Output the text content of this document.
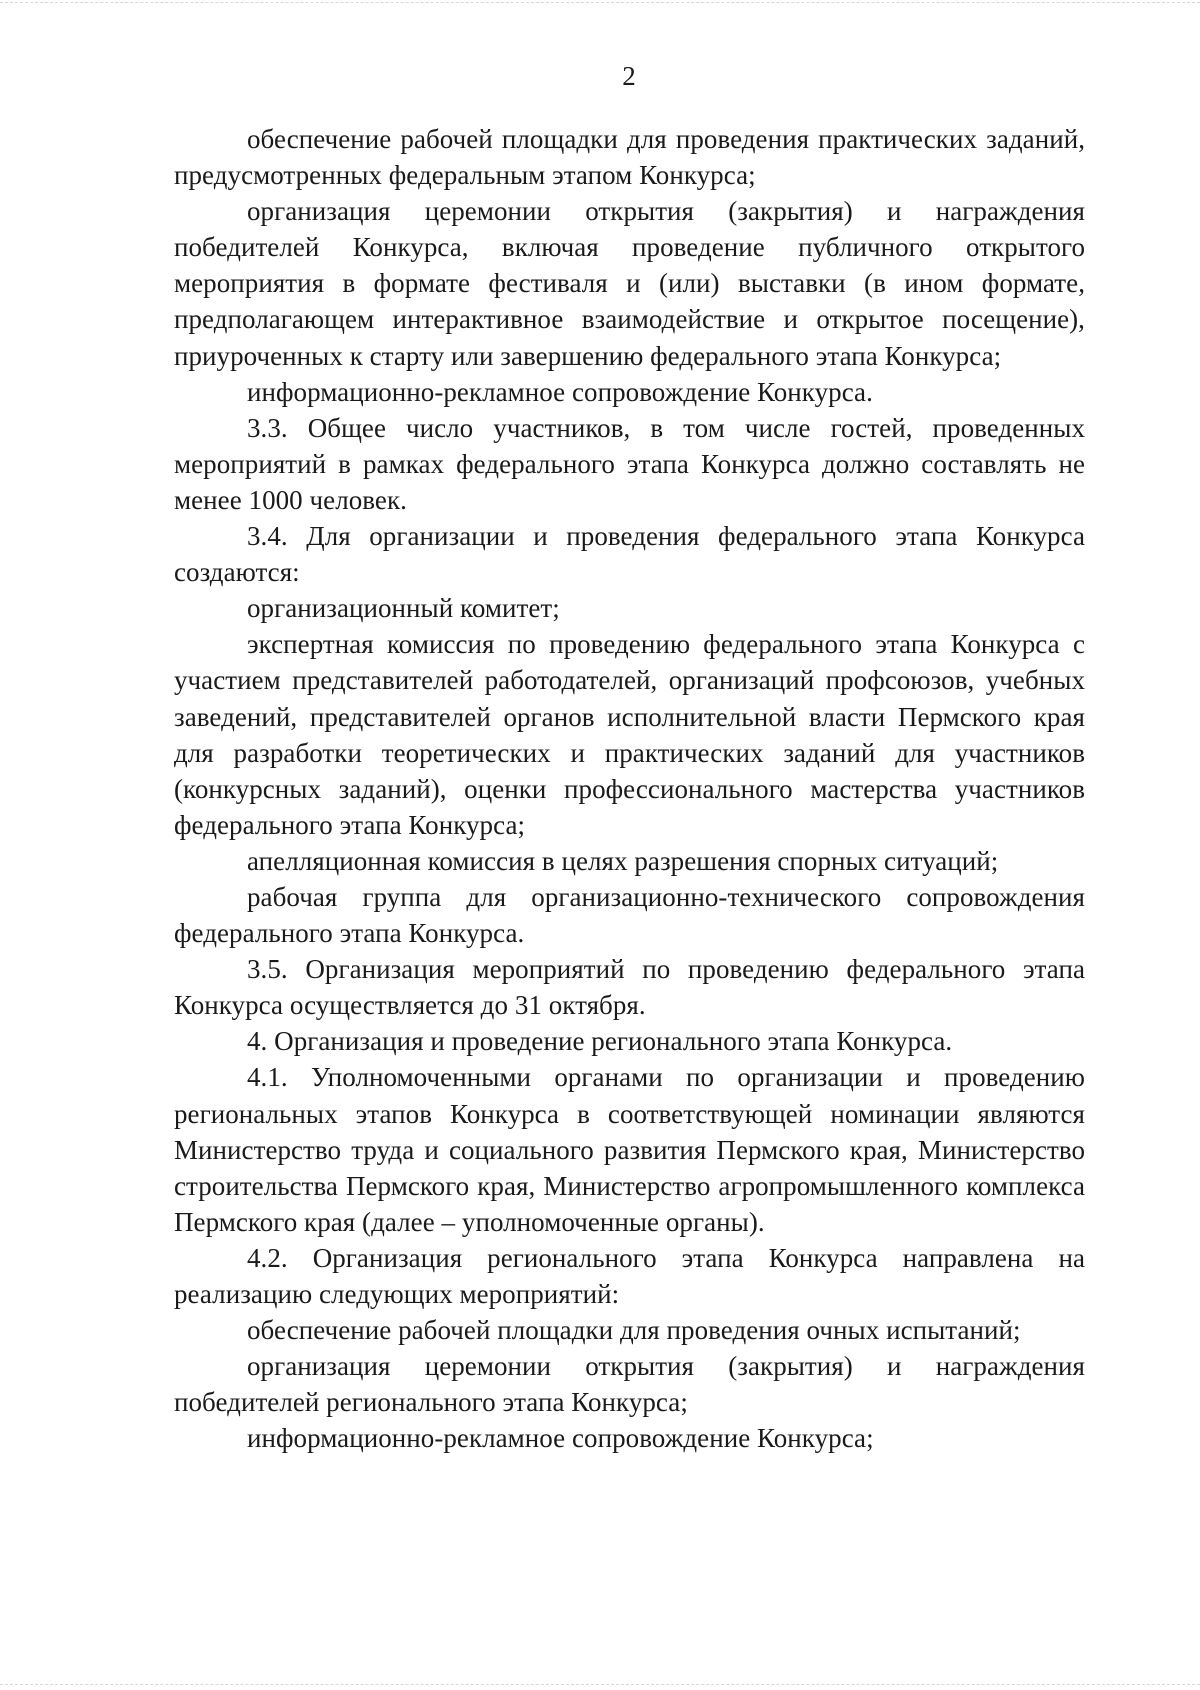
2

обеспечение рабочей площадки для проведения практических заданий, предусмотренных федеральным этапом Конкурса;

организация церемонии открытия (закрытия) и награждения победителей Конкурса, включая проведение публичного открытого мероприятия в формате фестиваля и (или) выставки (в ином формате, предполагающем интерактивное взаимодействие и открытое посещение), приуроченных к старту или завершению федерального этапа Конкурса;

информационно-рекламное сопровождение Конкурса.

3.3. Общее число участников, в том числе гостей, проведенных мероприятий в рамках федерального этапа Конкурса должно составлять не менее 1000 человек.

3.4. Для организации и проведения федерального этапа Конкурса создаются:

организационный комитет;

экспертная комиссия по проведению федерального этапа Конкурса с участием представителей работодателей, организаций профсоюзов, учебных заведений, представителей органов исполнительной власти Пермского края для разработки теоретических и практических заданий для участников (конкурсных заданий), оценки профессионального мастерства участников федерального этапа Конкурса;

апелляционная комиссия в целях разрешения спорных ситуаций;

рабочая группа для организационно-технического сопровождения федерального этапа Конкурса.

3.5. Организация мероприятий по проведению федерального этапа Конкурса осуществляется до 31 октября.

4. Организация и проведение регионального этапа Конкурса.

4.1. Уполномоченными органами по организации и проведению региональных этапов Конкурса в соответствующей номинации являются Министерство труда и социального развития Пермского края, Министерство строительства Пермского края, Министерство агропромышленного комплекса Пермского края (далее – уполномоченные органы).

4.2. Организация регионального этапа Конкурса направлена на реализацию следующих мероприятий:

обеспечение рабочей площадки для проведения очных испытаний;

организация церемонии открытия (закрытия) и награждения победителей регионального этапа Конкурса;

информационно-рекламное сопровождение Конкурса;
